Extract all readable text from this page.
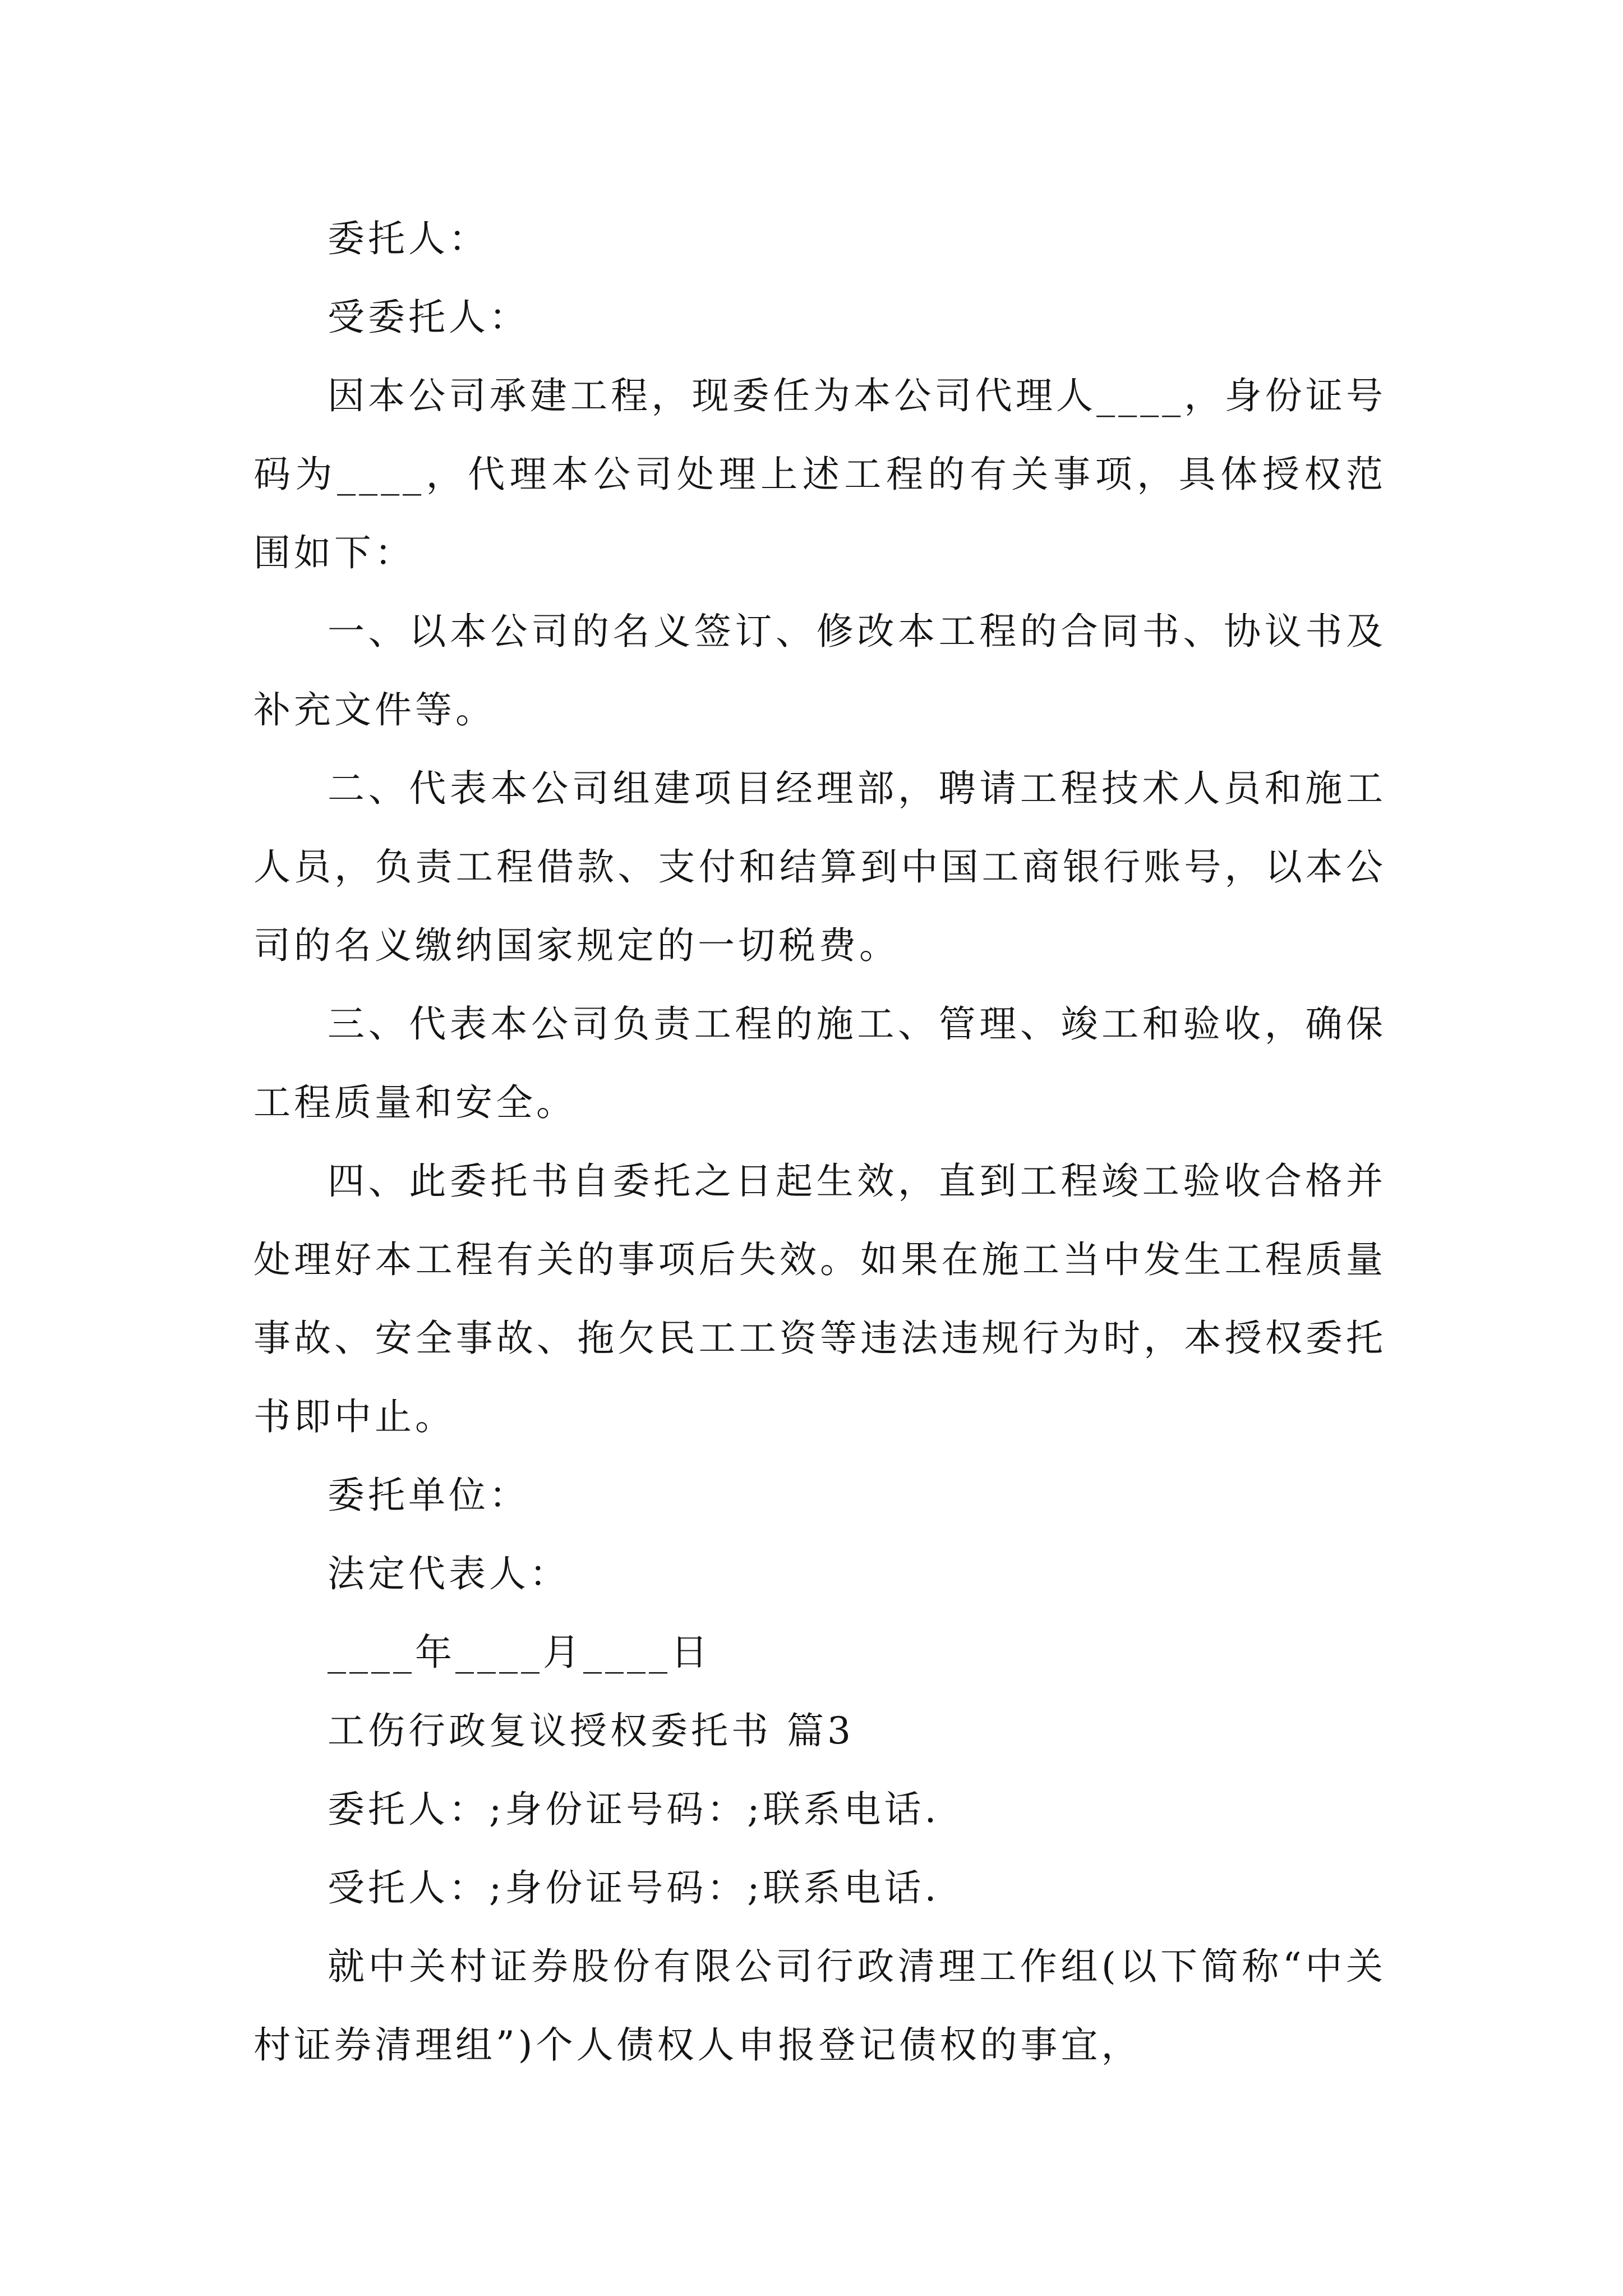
委托人：

受委托人：

因本公司承建工程，现委任为本公司代理人____，身份证号码为____，代理本公司处理上述工程的有关事项，具体授权范围如下：

一、以本公司的名义签订、修改本工程的合同书、协议书及补充文件等。

二、代表本公司组建项目经理部，聘请工程技术人员和施工人员，负责工程借款、支付和结算到中国工商银行账号，以本公司的名义缴纳国家规定的一切税费。

三、代表本公司负责工程的施工、管理、竣工和验收，确保工程质量和安全。

四、此委托书自委托之日起生效，直到工程竣工验收合格并处理好本工程有关的事项后失效。如果在施工当中发生工程质量事故、安全事故、拖欠民工工资等违法违规行为时，本授权委托书即中止。

委托单位：

法定代表人：

____年____月____日

工伤行政复议授权委托书 篇3

委托人：;身份证号码：;联系电话.

受托人：;身份证号码：;联系电话.

就中关村证券股份有限公司行政清理工作组(以下简称“中关村证券清理组”)个人债权人申报登记债权的事宜，
